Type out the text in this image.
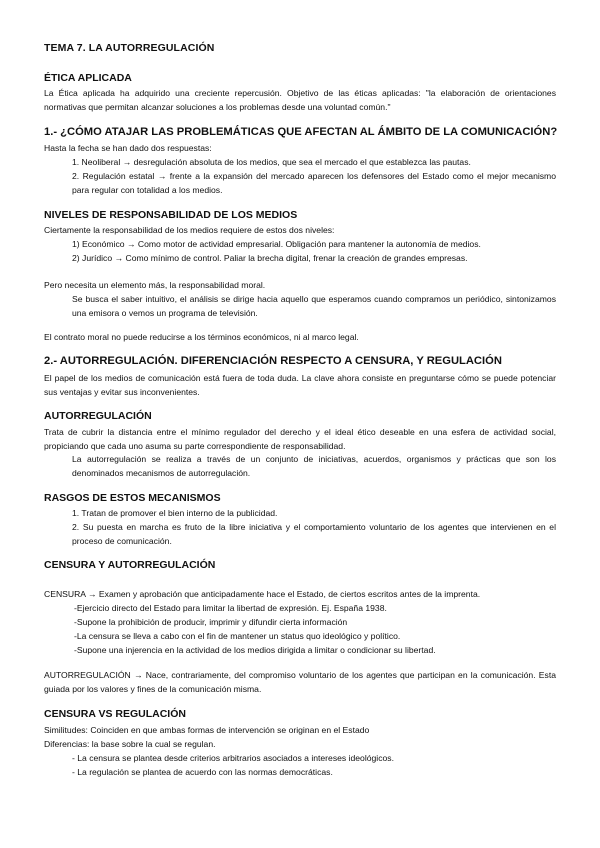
TEMA 7. LA AUTORREGULACIÓN
ÉTICA APLICADA
La Ética aplicada ha adquirido una creciente repercusión. Objetivo de las éticas aplicadas: "la elaboración de orientaciones normativas que permitan alcanzar soluciones a los problemas desde una voluntad común."
1.- ¿CÓMO ATAJAR LAS PROBLEMÁTICAS QUE AFECTAN AL ÁMBITO DE LA COMUNICACIÓN?
Hasta la fecha se han dado dos respuestas:
1. Neoliberal → desregulación absoluta de los medios, que sea el mercado el que establezca las pautas.
2. Regulación estatal → frente a la expansión del mercado aparecen los defensores del Estado como el mejor mecanismo para regular con totalidad a los medios.
NIVELES DE RESPONSABILIDAD DE LOS MEDIOS
Ciertamente la responsabilidad de los medios requiere de estos dos niveles:
1) Económico → Como motor de actividad empresarial. Obligación para mantener la autonomía de medios.
2) Jurídico → Como mínimo de control. Paliar la brecha digital, frenar la creación de grandes empresas.
Pero necesita un elemento más, la responsabilidad moral.
Se busca el saber intuitivo, el análisis se dirige hacia aquello que esperamos cuando compramos un periódico, sintonizamos una emisora o vemos un programa de televisión.
El contrato moral no puede reducirse a los términos económicos, ni al marco legal.
2.- AUTORREGULACIÓN. DIFERENCIACIÓN RESPECTO A CENSURA, Y REGULACIÓN
El papel de los medios de comunicación está fuera de toda duda. La clave ahora consiste en preguntarse cómo se puede potenciar sus ventajas y evitar sus inconvenientes.
AUTORREGULACIÓN
Trata de cubrir la distancia entre el mínimo regulador del derecho y el ideal ético deseable en una esfera de actividad social, propiciando que cada uno asuma su parte correspondiente de responsabilidad.
La autorregulación se realiza a través de un conjunto de iniciativas, acuerdos, organismos y prácticas que son los denominados mecanismos de autorregulación.
RASGOS DE ESTOS MECANISMOS
1. Tratan de promover el bien interno de la publicidad.
2. Su puesta en marcha es fruto de la libre iniciativa y el comportamiento voluntario de los agentes que intervienen en el proceso de comunicación.
CENSURA Y AUTORREGULACIÓN
CENSURA → Examen y aprobación que anticipadamente hace el Estado, de ciertos escritos antes de la imprenta.
-Ejercicio directo del Estado para limitar la libertad de expresión. Ej. España 1938.
-Supone la prohibición de producir, imprimir y difundir cierta información
-La censura se lleva a cabo con el fin de mantener un status quo ideológico y político.
-Supone una injerencia en la actividad de los medios dirigida a limitar o condicionar su libertad.
AUTORREGULACIÓN → Nace, contrariamente, del compromiso voluntario de los agentes que participan en la comunicación. Esta guiada por los valores y fines de la comunicación misma.
CENSURA VS REGULACIÓN
Similitudes: Coinciden en que ambas formas de intervención se originan en el Estado
Diferencias: la base sobre la cual se regulan.
- La censura se plantea desde criterios arbitrarios asociados a intereses ideológicos.
- La regulación se plantea de acuerdo con las normas democráticas.
